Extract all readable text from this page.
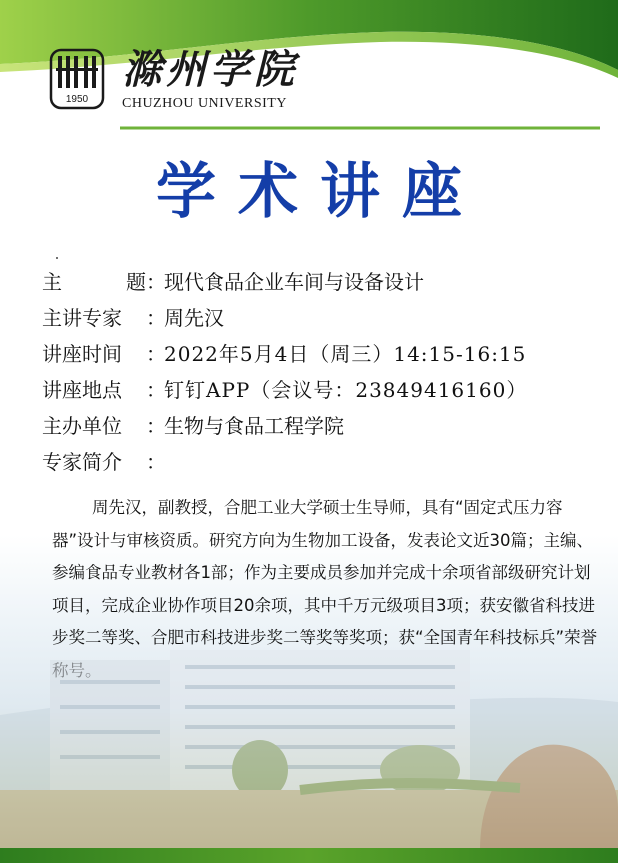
1950
滁州学院
CHUZHOU UNIVERSITY
学术讲座
主	题 ：
现代食品企业车间与设备设计
主讲专家	：
周先汉
讲座时间	：
2022年5月4日（周三）14:15-16:15
讲座地点	：
钉钉APP（会议号：23849416160）
主办单位	：
生物与食品工程学院
专家简介	：
周先汉，副教授，合肥工业大学硕士生导师，具有“固定式压力容器”设计与审核资质。研究方向为生物加工设备，发表论文近30篇；主编、参编食品专业教材各1部；作为主要成员参加并完成十余项省部级研究计划项目，完成企业协作项目20余项，其中千万元级项目3项；获安徽省科技进步奖二等奖、合肥市科技进步奖二等奖等奖项；获“全国青年科技标兵”荣誉
